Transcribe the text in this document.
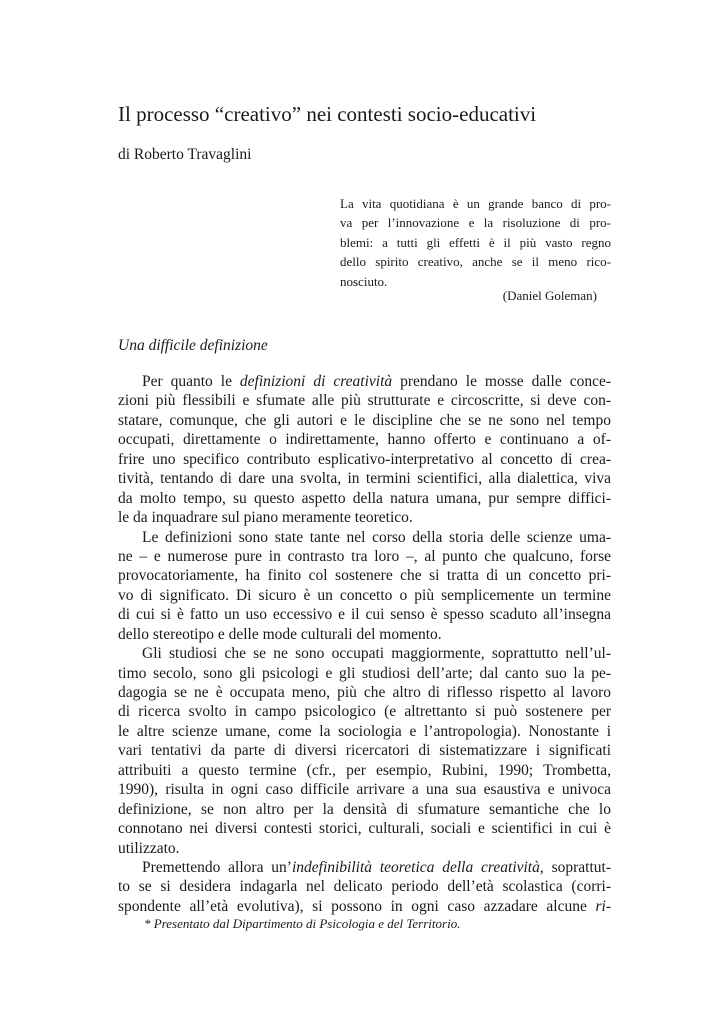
Il processo “creativo” nei contesti socio-educativi
di Roberto Travaglini
La vita quotidiana è un grande banco di pro-
va per l’innovazione e la risoluzione di pro-
blemi: a tutti gli effetti è il più vasto regno
dello spirito creativo, anche se il meno rico-
nosciuto.
(Daniel Goleman)
Una difficile definizione
Per quanto le definizioni di creatività prendano le mosse dalle conce-
zioni più flessibili e sfumate alle più strutturate e circoscritte, si deve con-
statare, comunque, che gli autori e le discipline che se ne sono nel tempo
occupati, direttamente o indirettamente, hanno offerto e continuano a of-
frire uno specifico contributo esplicativo-interpretativo al concetto di crea-
tività, tentando di dare una svolta, in termini scientifici, alla dialettica, viva
da molto tempo, su questo aspetto della natura umana, pur sempre diffici-
le da inquadrare sul piano meramente teoretico.
Le definizioni sono state tante nel corso della storia delle scienze uma-
ne – e numerose pure in contrasto tra loro –, al punto che qualcuno, forse
provocatoriamente, ha finito col sostenere che si tratta di un concetto pri-
vo di significato. Di sicuro è un concetto o più semplicemente un termine
di cui si è fatto un uso eccessivo e il cui senso è spesso scaduto all’insegna
dello stereotipo e delle mode culturali del momento.
Gli studiosi che se ne sono occupati maggiormente, soprattutto nell’ul-
timo secolo, sono gli psicologi e gli studiosi dell’arte; dal canto suo la pe-
dagogia se ne è occupata meno, più che altro di riflesso rispetto al lavoro
di ricerca svolto in campo psicologico (e altrettanto si può sostenere per
le altre scienze umane, come la sociologia e l’antropologia). Nonostante i
vari tentativi da parte di diversi ricercatori di sistematizzare i significati
attribuiti a questo termine (cfr., per esempio, Rubini, 1990; Trombetta,
1990), risulta in ogni caso difficile arrivare a una sua esaustiva e univoca
definizione, se non altro per la densità di sfumature semantiche che lo
connotano nei diversi contesti storici, culturali, sociali e scientifici in cui è
utilizzato.
Premettendo allora un’indefinibilità teoretica della creatività, soprattut-
to se si desidera indagarla nel delicato periodo dell’età scolastica (corri-
spondente all’età evolutiva), si possono in ogni caso azzadare alcune ri-
* Presentato dal Dipartimento di Psicologia e del Territorio.
